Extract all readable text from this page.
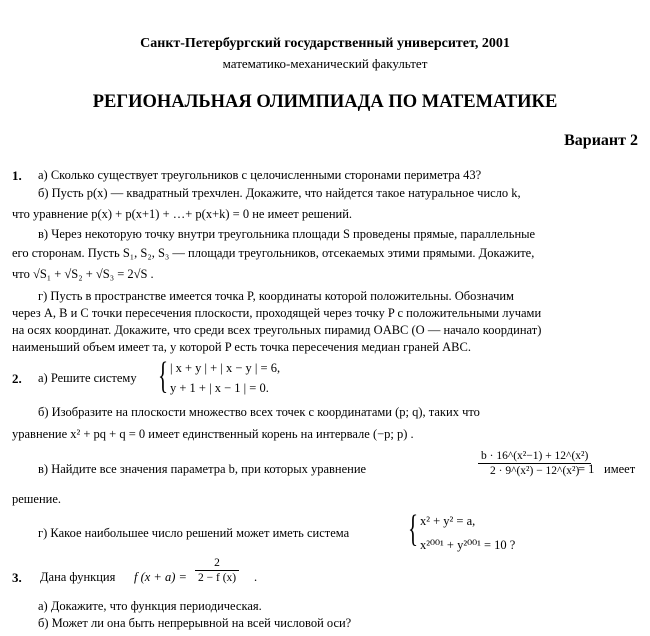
Санкт-Петербургский государственный университет, 2001
математико-механический факультет
РЕГИОНАЛЬНАЯ ОЛИМПИАДА ПО МАТЕМАТИКЕ
Вариант 2
1. а) Сколько существует треугольников с целочисленными сторонами периметра 43?
б) Пусть p(x) — квадратный трехчлен. Докажите, что найдется такое натуральное число k,
что уравнение p(x) + p(x+1) + …+ p(x+k) = 0 не имеет решений.
в) Через некоторую точку внутри треугольника площади S проведены прямые, параллельные
его сторонам. Пусть S₁, S₂, S₃ — площади треугольников, отсекаемых этими прямыми. Докажите,
что √S₁ + √S₂ + √S₃ = 2√S .
г) Пусть в пространстве имеется точка P, координаты которой положительны. Обозначим
через A, B и C точки пересечения плоскости, проходящей через точку P с положительными лучами
на осях координат. Докажите, что среди всех треугольных пирамид OABC (O — начало координат)
наименьший объем имеет та, у которой P есть точка пересечения медиан граней ABC.
2. а) Решите систему { | x + y | + | x − y | = 6,
y + 1 + | x − 1 | = 0.
б) Изобразите на плоскости множество всех точек с координатами (p; q), таких что
уравнение x² + pq + q = 0 имеет единственный корень на интервале (−p; p) .
в) Найдите все значения параметра b, при которых уравнение	$\frac{\text{b · 16\textasciicircum{}(x²−1) + 12\textasciicircum{}(x²)}}{\text{2 · 9\textasciicircum{}(x²) − 12\textasciicircum{}(x²)}}$
= 1 имеет
решение.
г) Какое наибольшее число решений может иметь система { x² + y² = a,
x²⁰⁰¹ + y²⁰⁰¹ = 10 ?
3. Дана функция f $(x + a) = \frac{2}{2 - f (x)}$ .
а) Докажите, что функция периодическая.
б) Может ли она быть непрерывной на всей числовой оси?
